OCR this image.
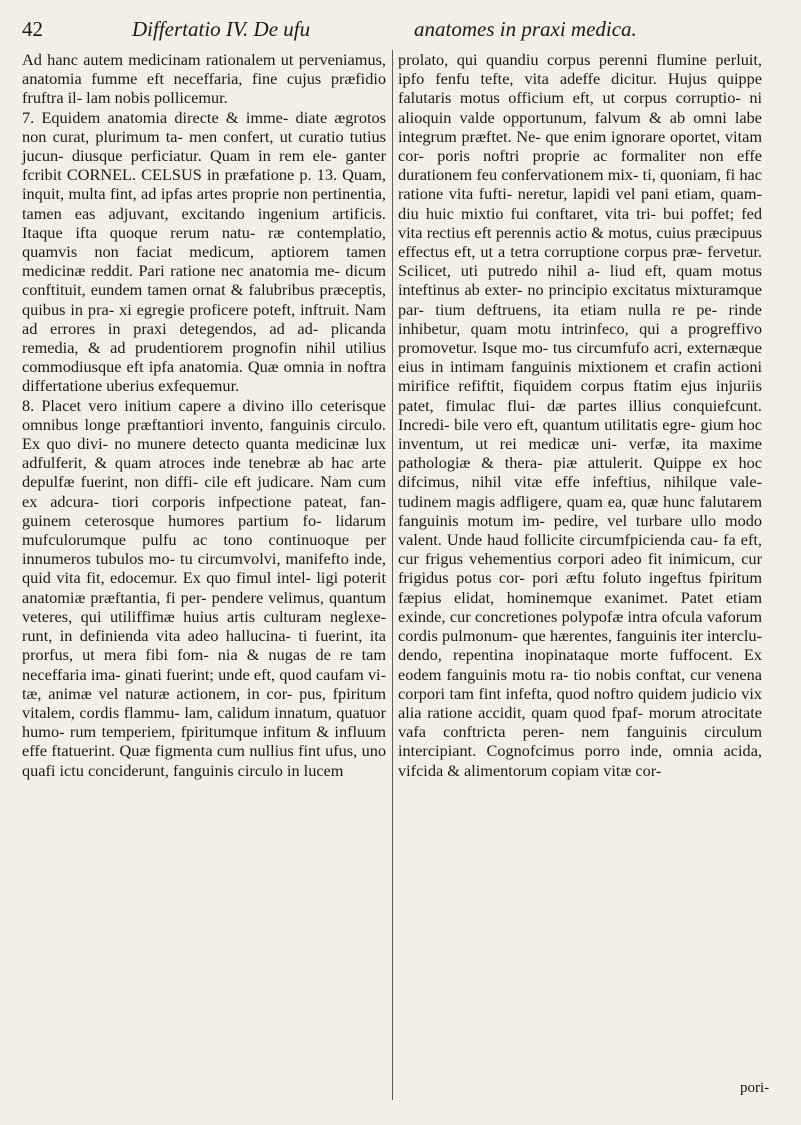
42	Differtatio IV. De ufu	anatomes in praxi medica.

Ad hanc autem medicinam rationalem ut perveniamus, anatomia fumme eft neceffaria, fine cujus præfidio fruftra il- lam nobis pollicemur.
7. Equidem anatomia directe & imme- diate ægrotos non curat, plurimum ta- men confert, ut curatio tutius jucun- diusque perficiatur. Quam in rem ele- ganter fcribit CORNEL. CELSUS in præfatione p. 13. Quam, inquit, multa fint, ad ipfas artes proprie non pertinentia, tamen eas adjuvant, excitando ingenium artificis. Itaque ifta quoque rerum natu- ræ contemplatio, quamvis non faciat medicum, aptiorem tamen medicinæ reddit. Pari ratione nec anatomia me- dicum conftituit, eundem tamen ornat & falubribus præceptis, quibus in pra- xi egregie proficere poteft, inftruit. Nam ad errores in praxi detegendos, ad ad- plicanda remedia, & ad prudentiorem prognofin nihil utilius commodiusque eft ipfa anatomia. Quæ omnia in noftra differtatione uberius exfequemur.
8. Placet vero initium capere a divino illo ceterisque omnibus longe præftantiori invento, fanguinis circulo. Ex quo divi- no munere detecto quanta medicinæ lux adfulferit, & quam atroces inde tenebræ ab hac arte depulfæ fuerint, non diffi- cile eft judicare. Nam cum ex adcura- tiori corporis infpectione pateat, fan- guinem ceterosque humores partium fo- lidarum mufculorumque pulfu ac tono continuoque per innumeros tubulos mo- tu circumvolvi, manifefto inde, quid vita fit, edocemur. Ex quo fimul intel- ligi poterit anatomiæ præftantia, fi per- pendere velimus, quantum veteres, qui utiliffimæ huius artis culturam neglexe- runt, in definienda vita adeo hallucina- ti fuerint, ita prorfus, ut mera fibi fom- nia & nugas de re tam neceffaria ima- ginati fuerint; unde eft, quod caufam vi- tæ, animæ vel naturæ actionem, in cor- pus, fpiritum vitalem, cordis flammu- lam, calidum innatum, quatuor humo- rum temperiem, fpiritumque infitum & influum effe ftatuerint. Quæ figmenta cum nullius fint ufus, uno quafi ictu conciderunt, fanguinis circulo in lucem

prolato, qui quandiu corpus perenni flumine perluit, ipfo fenfu tefte, vita adeffe dicitur. Hujus quippe falutaris motus officium eft, ut corpus corruptio- ni alioquin valde opportunum, falvum & ab omni labe integrum præftet. Ne- que enim ignorare oportet, vitam cor- poris noftri proprie ac formaliter non effe durationem feu confervationem mix- ti, quoniam, fi hac ratione vita fufti- neretur, lapidi vel pani etiam, quam- diu huic mixtio fui conftaret, vita tri- bui poffet; fed vita rectius eft perennis actio & motus, cuius præcipuus effectus eft, ut a tetra corruptione corpus præ- fervetur. Scilicet, uti putredo nihil a- liud eft, quam motus inteftinus ab exter- no principio excitatus mixturamque par- tium deftruens, ita etiam nulla re pe- rinde inhibetur, quam motu intrinfeco, qui a progreffivo promovetur. Isque mo- tus circumfufo acri, externæque eius in intimam fanguinis mixtionem et crafin actioni mirifice refiftit, fiquidem corpus ftatim ejus injuriis patet, fimulac flui- dæ partes illius conquiefcunt. Incredi- bile vero eft, quantum utilitatis egre- gium hoc inventum, ut rei medicæ uni- verfæ, ita maxime pathologiæ & thera- piæ attulerit. Quippe ex hoc difcimus, nihil vitæ effe infeftius, nihilque vale- tudinem magis adfligere, quam ea, quæ hunc falutarem fanguinis motum im- pedire, vel turbare ullo modo valent. Unde haud follicite circumfpicienda cau- fa eft, cur frigus vehementius corpori adeo fit inimicum, cur frigidus potus cor- pori æftu foluto ingeftus fpiritum fæpius elidat, hominemque exanimet. Patet etiam exinde, cur concretiones polypofæ intra ofcula vaforum cordis pulmonum- que hærentes, fanguinis iter interclu- dendo, repentina inopinataque morte fuffocent. Ex eodem fanguinis motu ra- tio nobis conftat, cur venena corpori tam fint infefta, quod noftro quidem judicio vix alia ratione accidit, quam quod fpaf- morum atrocitate vafa conftricta peren- nem fanguinis circulum intercipiant. Cognofcimus porro inde, omnia acida, vifcida & alimentorum copiam vitæ cor-

pori-
